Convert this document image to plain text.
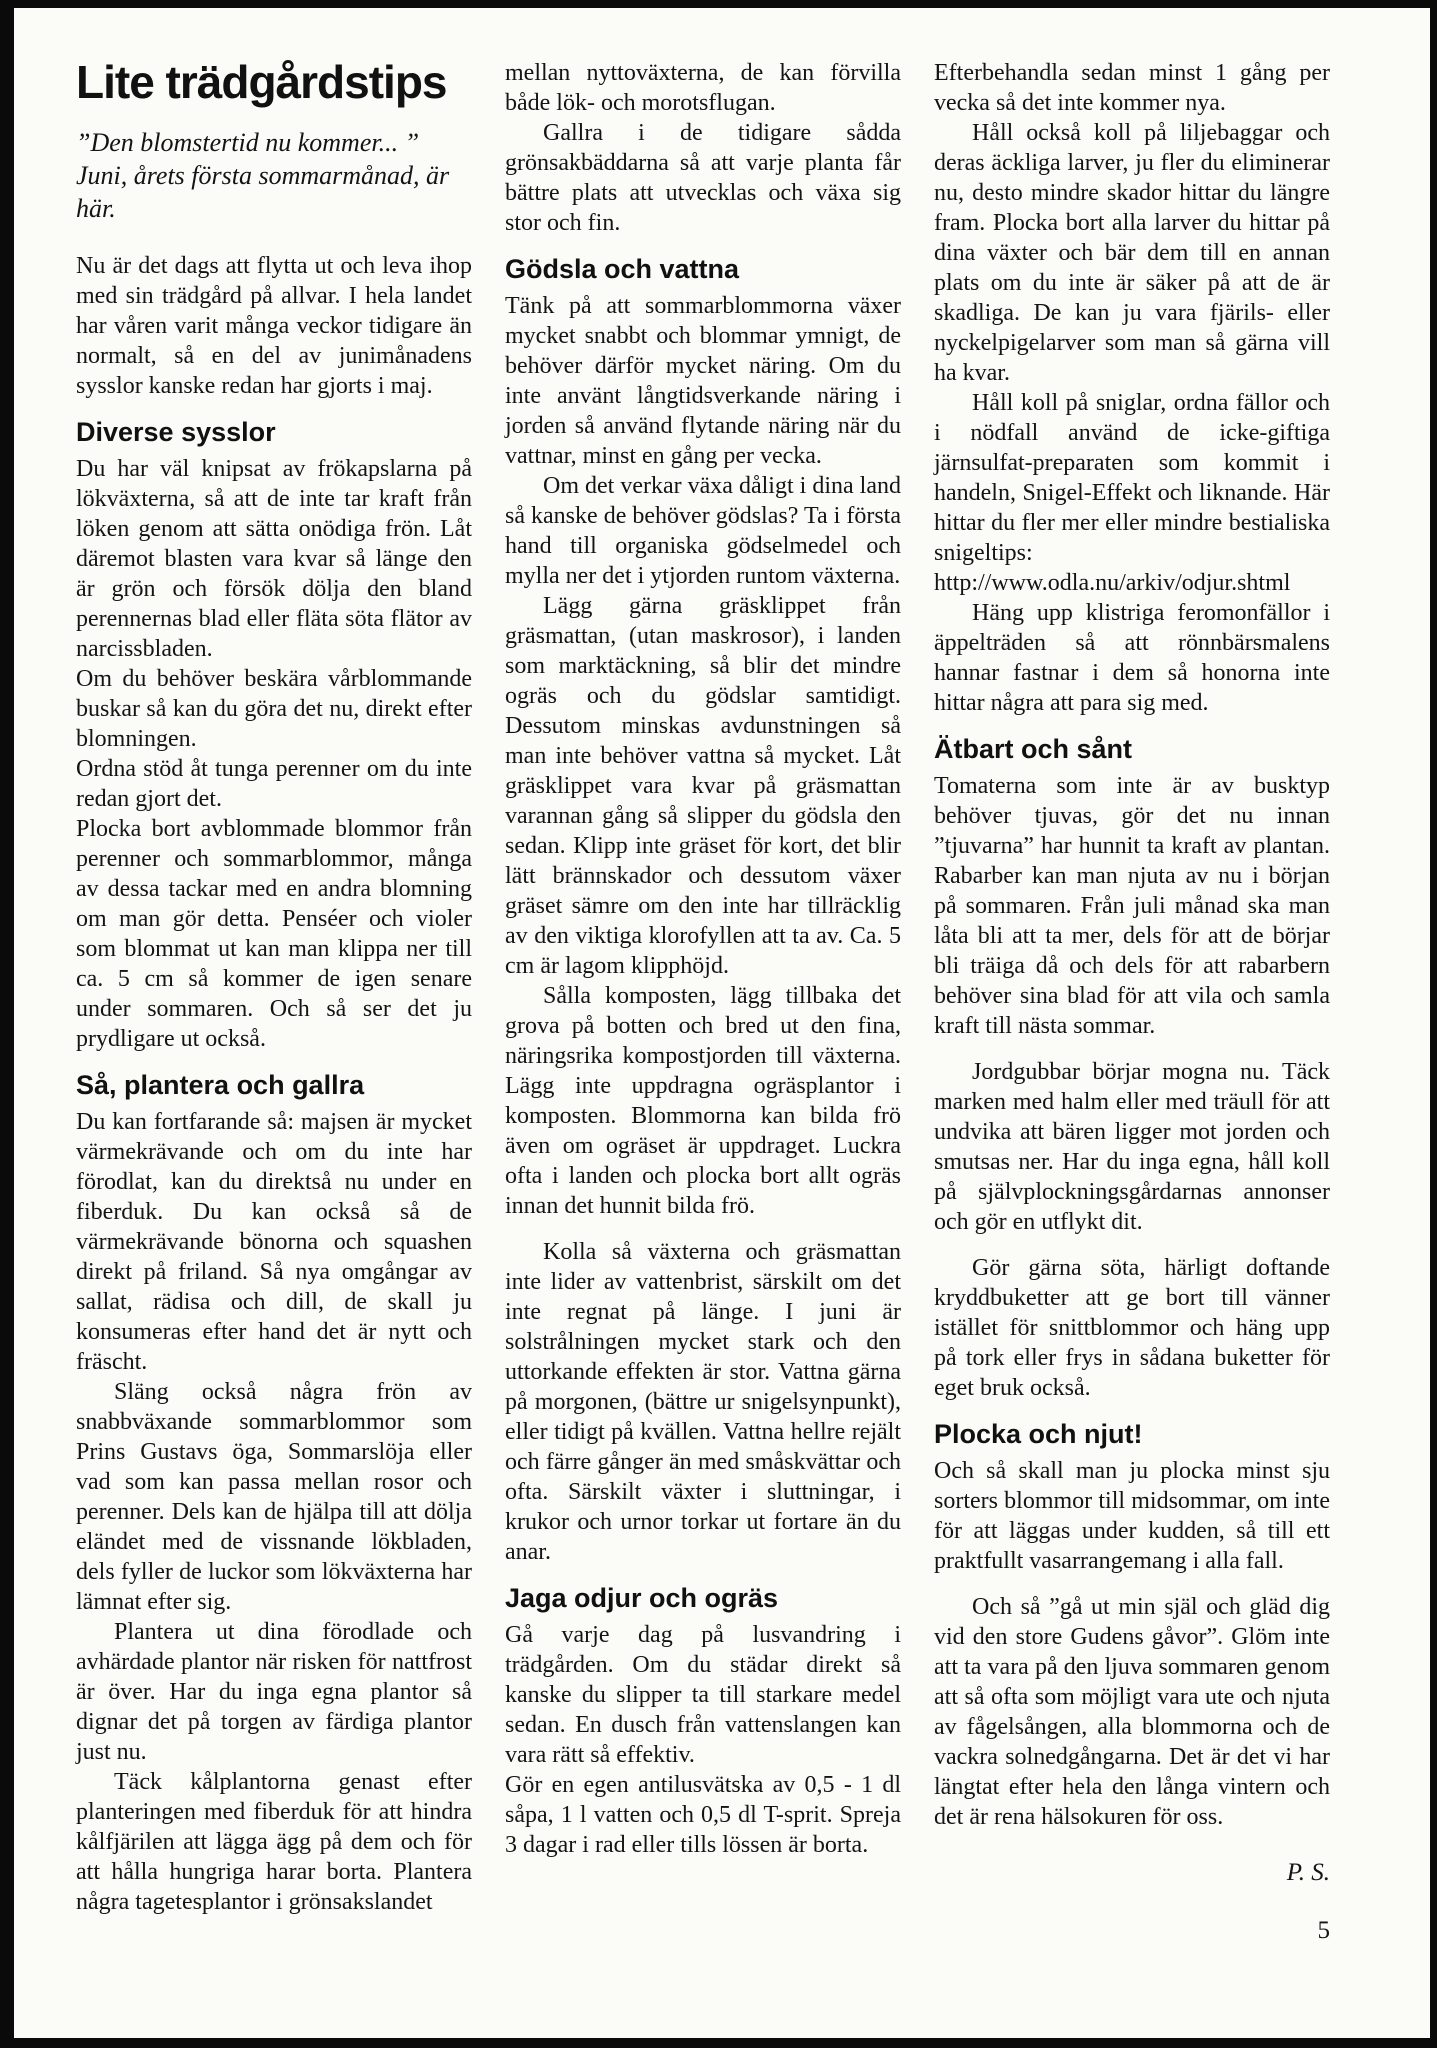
Lite trädgårdstips

”Den blomstertid nu kommer... ” Juni, årets första sommarmånad, är här.

Nu är det dags att flytta ut och leva ihop med sin trädgård på allvar. I hela landet har våren varit många veckor tidigare än normalt, så en del av junimånadens sysslor kanske redan har gjorts i maj.

Diverse sysslor

Du har väl knipsat av frökapslarna på lökväxterna, så att de inte tar kraft från löken genom att sätta onödiga frön. Låt däremot blasten vara kvar så länge den är grön och försök dölja den bland perennernas blad eller fläta söta flätor av narcissbladen.

Om du behöver beskära vårblommande buskar så kan du göra det nu, direkt efter blomningen.

Ordna stöd åt tunga perenner om du inte redan gjort det.

Plocka bort avblommade blommor från perenner och sommarblommor, många av dessa tackar med en andra blomning om man gör detta. Penséer och violer som blommat ut kan man klippa ner till ca. 5 cm så kommer de igen senare under sommaren. Och så ser det ju prydligare ut också.

Så, plantera och gallra

Du kan fortfarande så: majsen är mycket värmekrävande och om du inte har förodlat, kan du direktså nu under en fiberduk. Du kan också så de värmekrävande bönorna och squashen direkt på friland. Så nya omgångar av sallat, rädisa och dill, de skall ju konsumeras efter hand det är nytt och fräscht.

Släng också några frön av snabbväxande sommarblommor som Prins Gustavs öga, Sommarslöja eller vad som kan passa mellan rosor och perenner. Dels kan de hjälpa till att dölja eländet med de vissnande lökbladen, dels fyller de luckor som lökväxterna har lämnat efter sig.

Plantera ut dina förodlade och avhärdade plantor när risken för nattfrost är över. Har du inga egna plantor så dignar det på torgen av färdiga plantor just nu.

Täck kålplantorna genast efter planteringen med fiberduk för att hindra kålfjärilen att lägga ägg på dem och för att hålla hungriga harar borta. Plantera några tagetesplantor i grönsakslandet

mellan nyttoväxterna, de kan förvilla både lök- och morotsflugan.

Gallra i de tidigare sådda grönsakbäddarna så att varje planta får bättre plats att utvecklas och växa sig stor och fin.

Gödsla och vattna

Tänk på att sommarblommorna växer mycket snabbt och blommar ymnigt, de behöver därför mycket näring. Om du inte använt långtidsverkande näring i jorden så använd flytande näring när du vattnar, minst en gång per vecka.

Om det verkar växa dåligt i dina land så kanske de behöver gödslas? Ta i första hand till organiska gödselmedel och mylla ner det i ytjorden runtom växterna.

Lägg gärna gräsklippet från gräsmattan, (utan maskrosor), i landen som marktäckning, så blir det mindre ogräs och du gödslar samtidigt. Dessutom minskas avdunstningen så man inte behöver vattna så mycket. Låt gräsklippet vara kvar på gräsmattan varannan gång så slipper du gödsla den sedan. Klipp inte gräset för kort, det blir lätt brännskador och dessutom växer gräset sämre om den inte har tillräcklig av den viktiga klorofyllen att ta av. Ca. 5 cm är lagom klipphöjd.

Sålla komposten, lägg tillbaka det grova på botten och bred ut den fina, näringsrika kompostjorden till växterna. Lägg inte uppdragna ogräsplantor i komposten. Blommorna kan bilda frö även om ogräset är uppdraget. Luckra ofta i landen och plocka bort allt ogräs innan det hunnit bilda frö.

Kolla så växterna och gräsmattan inte lider av vattenbrist, särskilt om det inte regnat på länge. I juni är solstrålningen mycket stark och den uttorkande effekten är stor. Vattna gärna på morgonen, (bättre ur snigelsynpunkt), eller tidigt på kvällen. Vattna hellre rejält och färre gånger än med småskvättar och ofta. Särskilt växter i sluttningar, i krukor och urnor torkar ut fortare än du anar.

Jaga odjur och ogräs

Gå varje dag på lusvandring i trädgården. Om du städar direkt så kanske du slipper ta till starkare medel sedan. En dusch från vattenslangen kan vara rätt så effektiv.

Gör en egen antilusvätska av 0,5 - 1 dl såpa, 1 l vatten och 0,5 dl T-sprit. Spreja 3 dagar i rad eller tills lössen är borta.

Efterbehandla sedan minst 1 gång per vecka så det inte kommer nya.

Håll också koll på liljebaggar och deras äckliga larver, ju fler du eliminerar nu, desto mindre skador hittar du längre fram. Plocka bort alla larver du hittar på dina växter och bär dem till en annan plats om du inte är säker på att de är skadliga. De kan ju vara fjärils- eller nyckelpigelarver som man så gärna vill ha kvar.

Håll koll på sniglar, ordna fällor och i nödfall använd de icke-giftiga järnsulfat-preparaten som kommit i handeln, Snigel-Effekt och liknande. Här hittar du fler mer eller mindre bestialiska snigeltips: http://www.odla.nu/arkiv/odjur.shtml

Häng upp klistriga feromonfällor i äppelträden så att rönnbärsmalens hannar fastnar i dem så honorna inte hittar några att para sig med.

Ätbart och sånt

Tomaterna som inte är av busktyp behöver tjuvas, gör det nu innan ”tjuvarna” har hunnit ta kraft av plantan. Rabarber kan man njuta av nu i början på sommaren. Från juli månad ska man låta bli att ta mer, dels för att de börjar bli träiga då och dels för att rabarbern behöver sina blad för att vila och samla kraft till nästa sommar.

Jordgubbar börjar mogna nu. Täck marken med halm eller med träull för att undvika att bären ligger mot jorden och smutsas ner. Har du inga egna, håll koll på självplockningsgårdarnas annonser och gör en utflykt dit.

Gör gärna söta, härligt doftande kryddbuketter att ge bort till vänner istället för snittblommor och häng upp på tork eller frys in sådana buketter för eget bruk också.

Plocka och njut!

Och så skall man ju plocka minst sju sorters blommor till midsommar, om inte för att läggas under kudden, så till ett praktfullt vasarrangemang i alla fall.

Och så ”gå ut min själ och gläd dig vid den store Gudens gåvor”. Glöm inte att ta vara på den ljuva sommaren genom att så ofta som möjligt vara ute och njuta av fågelsången, alla blommorna och de vackra solnedgångarna. Det är det vi har längtat efter hela den långa vintern och det är rena hälsokuren för oss.

P. S.
5
